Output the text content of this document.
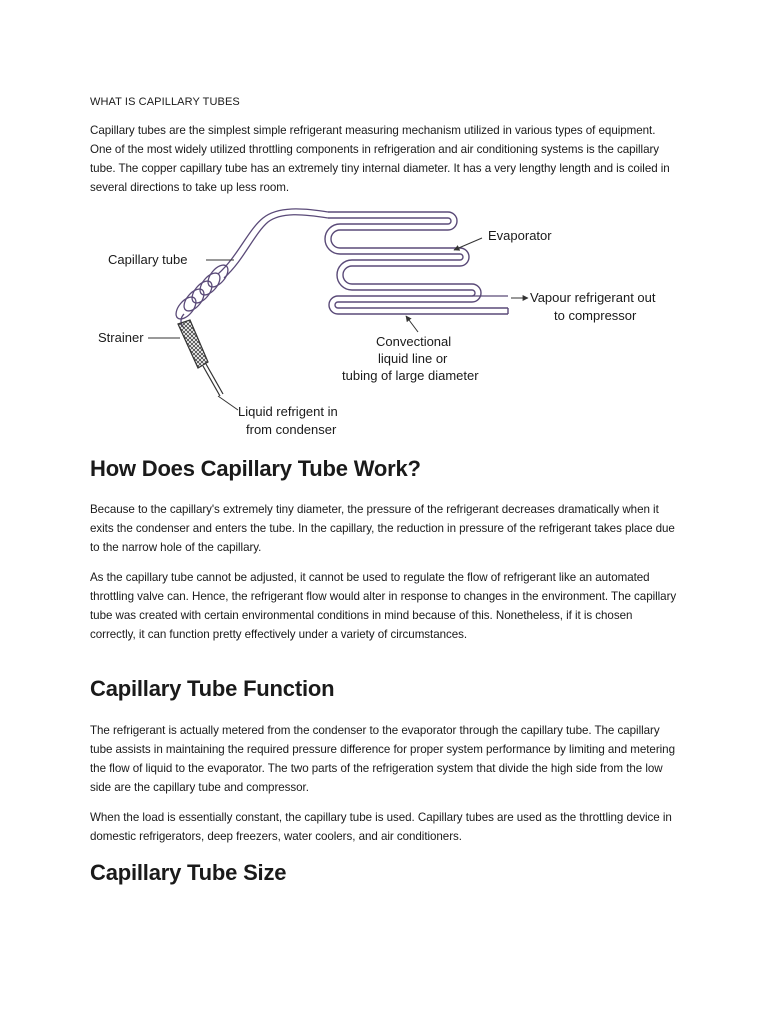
WHAT IS CAPILLARY TUBES

Capillary tubes are the simplest simple refrigerant measuring mechanism utilized in various types of equipment. One of the most widely utilized throttling components in refrigeration and air conditioning systems is the capillary tube. The copper capillary tube has an extremely tiny internal diameter. It has a very lengthy length and is coiled in several directions to take up less room.

How Does Capillary Tube Work?

Because to the capillary's extremely tiny diameter, the pressure of the refrigerant decreases dramatically when it exits the condenser and enters the tube. In the capillary, the reduction in pressure of the refrigerant takes place due to the narrow hole of the capillary.

As the capillary tube cannot be adjusted, it cannot be used to regulate the flow of refrigerant like an automated throttling valve can. Hence, the refrigerant flow would alter in response to changes in the environment. The capillary tube was created with certain environmental conditions in mind because of this. Nonetheless, if it is chosen correctly, it can function pretty effectively under a variety of circumstances.

Capillary Tube Function

The refrigerant is actually metered from the condenser to the evaporator through the capillary tube. The capillary tube assists in maintaining the required pressure difference for proper system performance by limiting and metering the flow of liquid to the evaporator. The two parts of the refrigeration system that divide the high side from the low side are the capillary tube and compressor.

When the load is essentially constant, the capillary tube is used. Capillary tubes are used as the throttling device in domestic refrigerators, deep freezers, water coolers, and air conditioners.

Capillary Tube Size
Capillary tube
Strainer
Evaporator
Vapour refrigerant out
to compressor
Convectional
liquid line or
tubing of large diameter
Liquid refrigent in
from condenser
